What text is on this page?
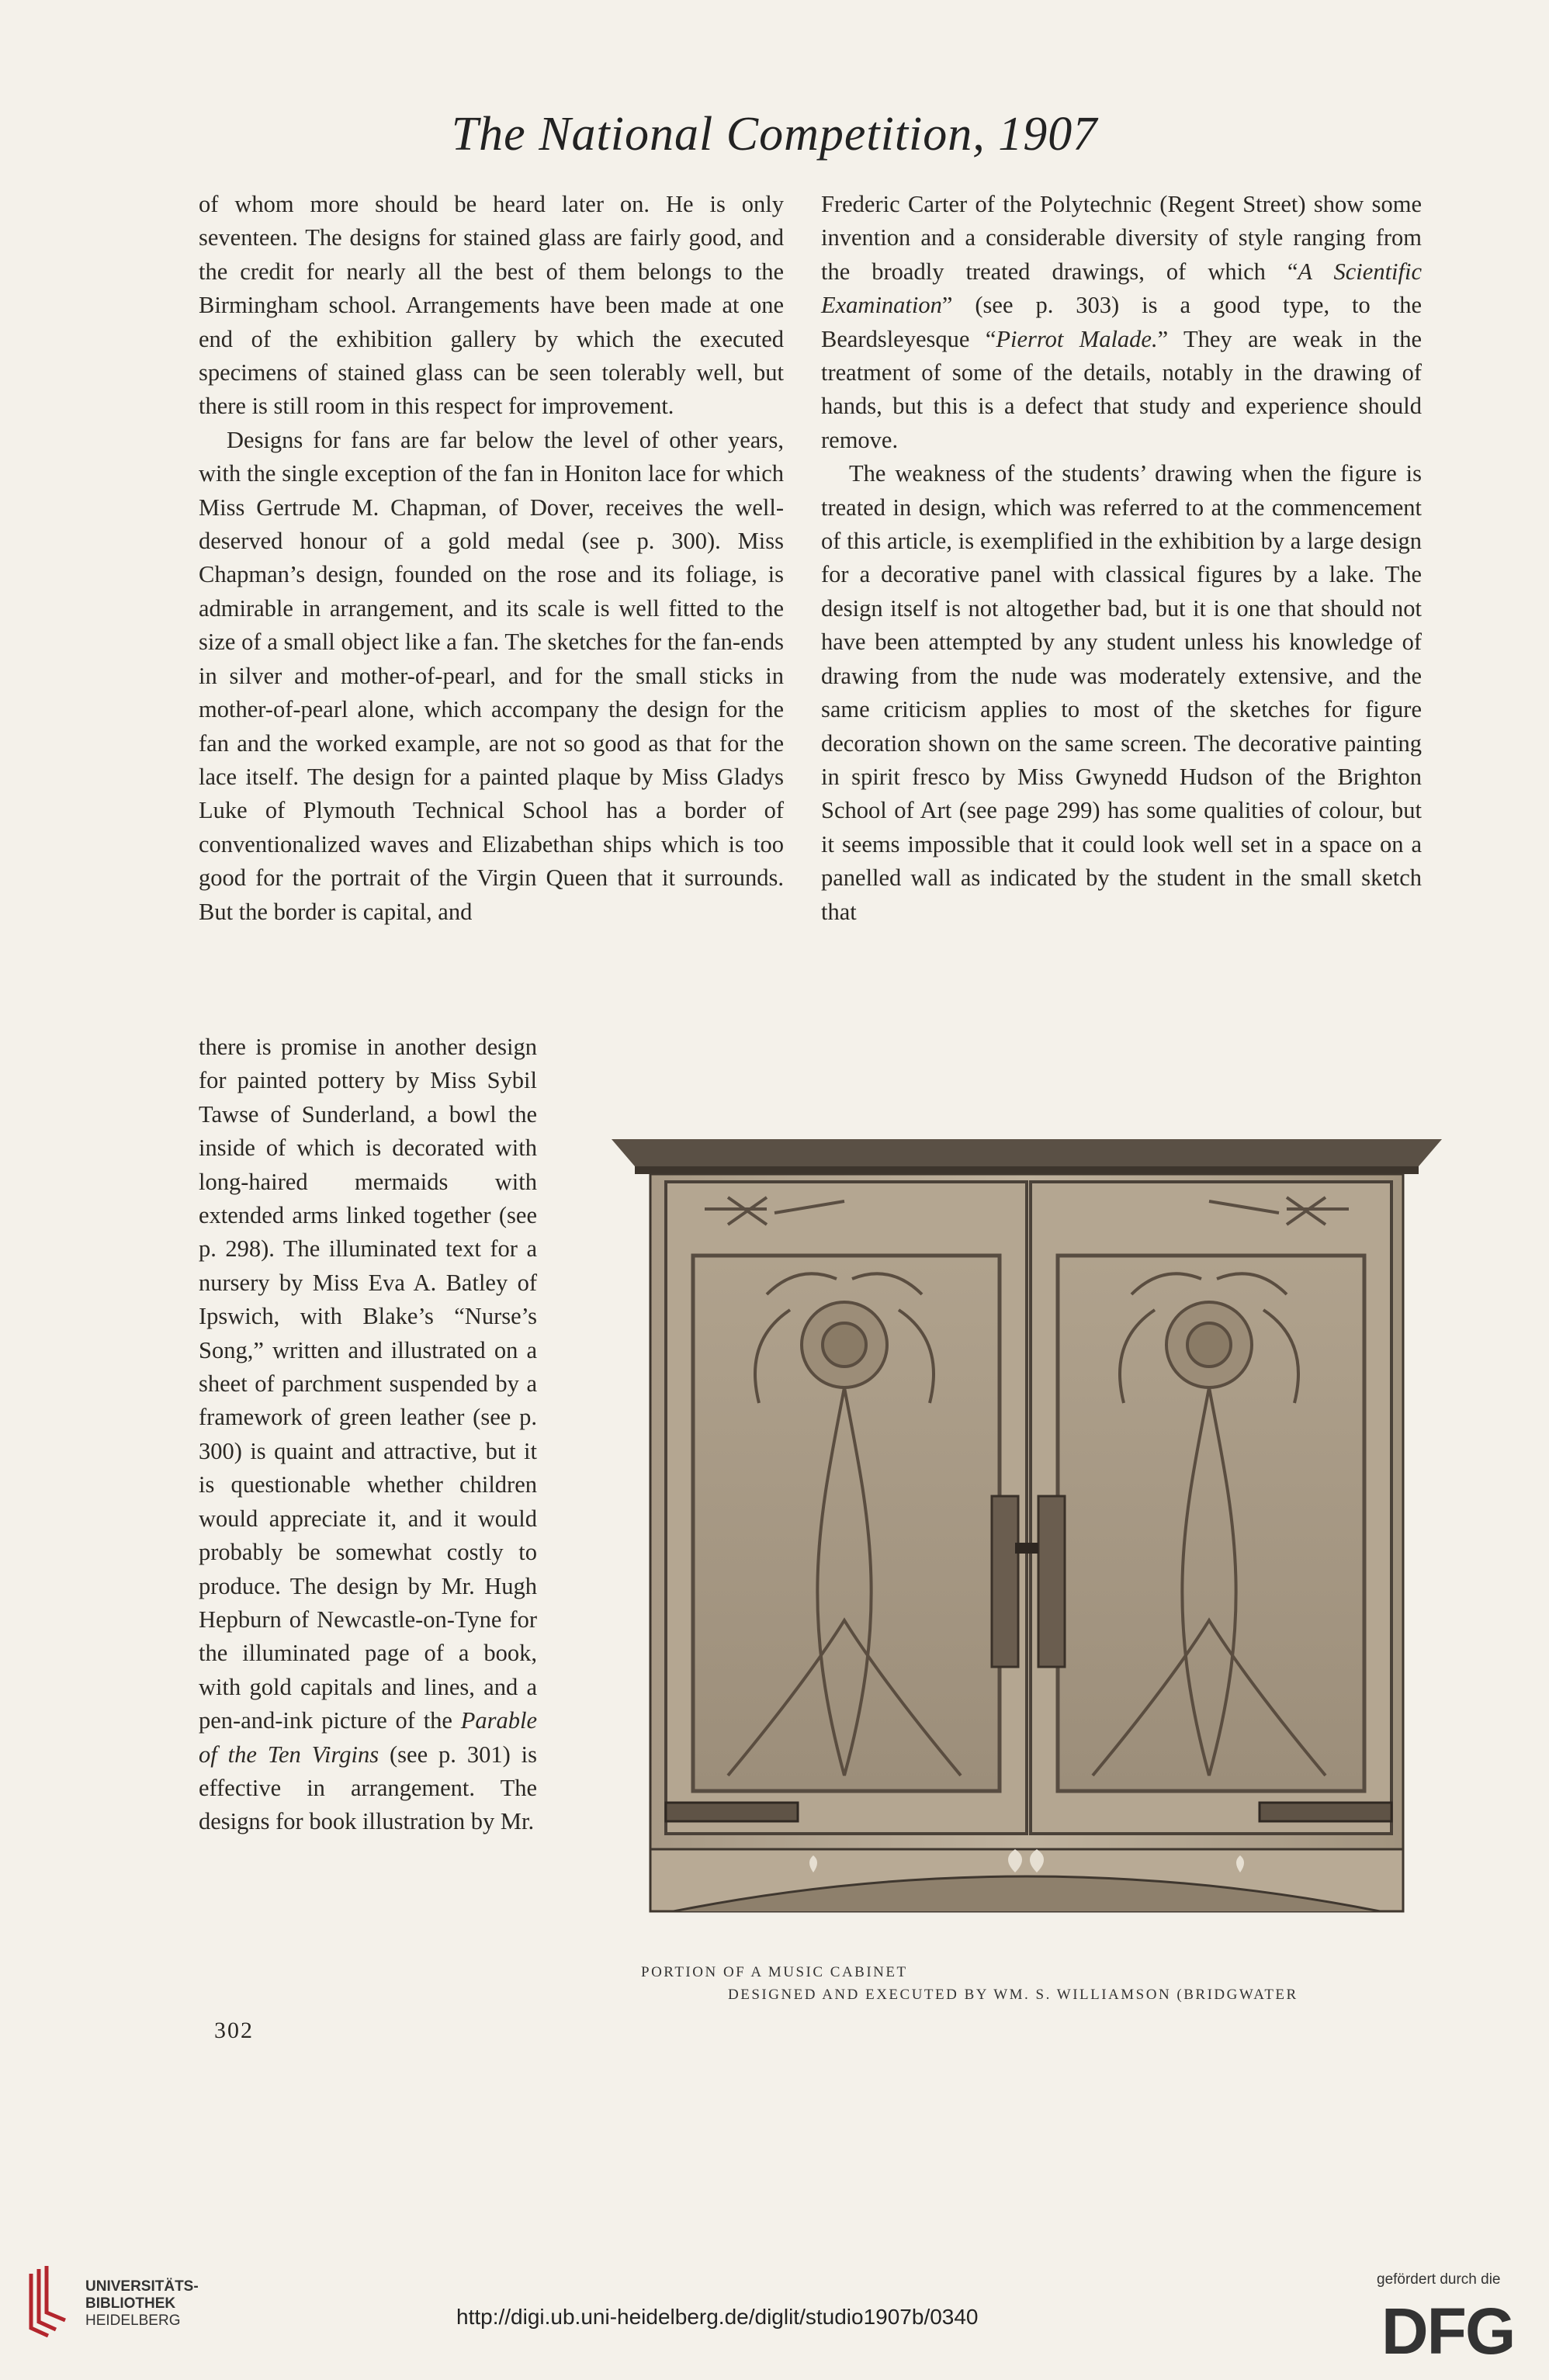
The National Competition, 1907

of whom more should be heard later on. He is only seventeen. The designs for stained glass are fairly good, and the credit for nearly all the best of them belongs to the Birmingham school. Arrangements have been made at one end of the exhibition gallery by which the executed specimens of stained glass can be seen tolerably well, but there is still room in this respect for improvement.

Designs for fans are far below the level of other years, with the single exception of the fan in Honiton lace for which Miss Gertrude M. Chapman, of Dover, receives the well-deserved honour of a gold medal (see p. 300). Miss Chapman’s design, founded on the rose and its foliage, is admirable in arrangement, and its scale is well fitted to the size of a small object like a fan. The sketches for the fan-ends in silver and mother-of-pearl, and for the small sticks in mother-of-pearl alone, which accompany the design for the fan and the worked example, are not so good as that for the lace itself. The design for a painted plaque by Miss Gladys Luke of Plymouth Technical School has a border of conventionalized waves and Elizabethan ships which is too good for the portrait of the Virgin Queen that it surrounds. But the border is capital, and

there is promise in another design for painted pottery by Miss Sybil Tawse of Sunderland, a bowl the inside of which is decorated with long-haired mermaids with extended arms linked together (see p. 298). The illuminated text for a nursery by Miss Eva A. Batley of Ipswich, with Blake’s “Nurse’s Song,” written and illustrated on a sheet of parchment suspended by a framework of green leather (see p. 300) is quaint and attractive, but it is questionable whether children would appreciate it, and it would probably be somewhat costly to produce. The design by Mr. Hugh Hepburn of Newcastle-on-Tyne for the illuminated page of a book, with gold capitals and lines, and a pen-and-ink picture of the Parable of the Ten Virgins (see p. 301) is effective in arrangement. The designs for book illustration by Mr.

Frederic Carter of the Polytechnic (Regent Street) show some invention and a considerable diversity of style ranging from the broadly treated drawings, of which “A Scientific Examination” (see p. 303) is a good type, to the Beardsleyesque “Pierrot Malade.” They are weak in the treatment of some of the details, notably in the drawing of hands, but this is a defect that study and experience should remove.

The weakness of the students’ drawing when the figure is treated in design, which was referred to at the commencement of this article, is exemplified in the exhibition by a large design for a decorative panel with classical figures by a lake. The design itself is not altogether bad, but it is one that should not have been attempted by any student unless his knowledge of drawing from the nude was moderately extensive, and the same criticism applies to most of the sketches for figure decoration shown on the same screen. The decorative painting in spirit fresco by Miss Gwynedd Hudson of the Brighton School of Art (see page 299) has some qualities of colour, but it seems impossible that it could look well set in a space on a panelled wall as indicated by the student in the small sketch that

PORTION OF A MUSIC CABINET
DESIGNED AND EXECUTED BY WM. S. WILLIAMSON (BRIDGWATER
302
UNIVERSITÄTS-
BIBLIOTHEK
HEIDELBERG	http://digi.ub.uni-heidelberg.de/diglit/studio1907b/0340
gefördert durch die
DFG
